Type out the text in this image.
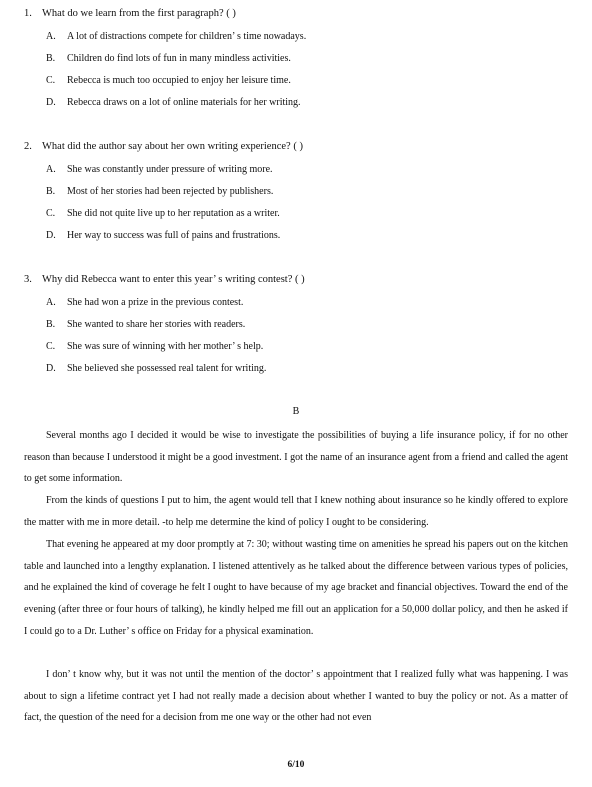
1. What do we learn from the first paragraph? ( )
A. A lot of distractions compete for children’ s time nowadays.
B. Children do find lots of fun in many mindless activities.
C. Rebecca is much too occupied to enjoy her leisure time.
D. Rebecca draws on a lot of online materials for her writing.
2. What did the author say about her own writing experience? ( )
A. She was constantly under pressure of writing more.
B. Most of her stories had been rejected by publishers.
C. She did not quite live up to her reputation as a writer.
D. Her way to success was full of pains and frustrations.
3. Why did Rebecca want to enter this year’ s writing contest? ( )
A. She had won a prize in the previous contest.
B. She wanted to share her stories with readers.
C. She was sure of winning with her mother’ s help.
D. She believed she possessed real talent for writing.
B
Several months ago I decided it would be wise to investigate the possibilities of buying a life insurance policy, if for no other reason than because I understood it might be a good investment. I got the name of an insurance agent from a friend and called the agent to get some information.
From the kinds of questions I put to him, the agent would tell that I knew nothing about insurance so he kindly offered to explore the matter with me in more detail. -to help me determine the kind of policy I ought to be considering.
That evening he appeared at my door promptly at 7: 30; without wasting time on amenities he spread his papers out on the kitchen table and launched into a lengthy explanation. I listened attentively as he talked about the difference between various types of policies, and he explained the kind of coverage he felt I ought to have because of my age bracket and financial objectives. Toward the end of the evening (after three or four hours of talking), he kindly helped me fill out an application for a 50,000 dollar policy, and then he asked if I could go to a Dr. Luther’ s office on Friday for a physical examination.
I don’ t know why, but it was not until the mention of the doctor’ s appointment that I realized fully what was happening. I was about to sign a lifetime contract yet I had not really made a decision about whether I wanted to buy the policy or not. As a matter of fact, the question of the need for a decision from me one way or the other had not even
6/10
